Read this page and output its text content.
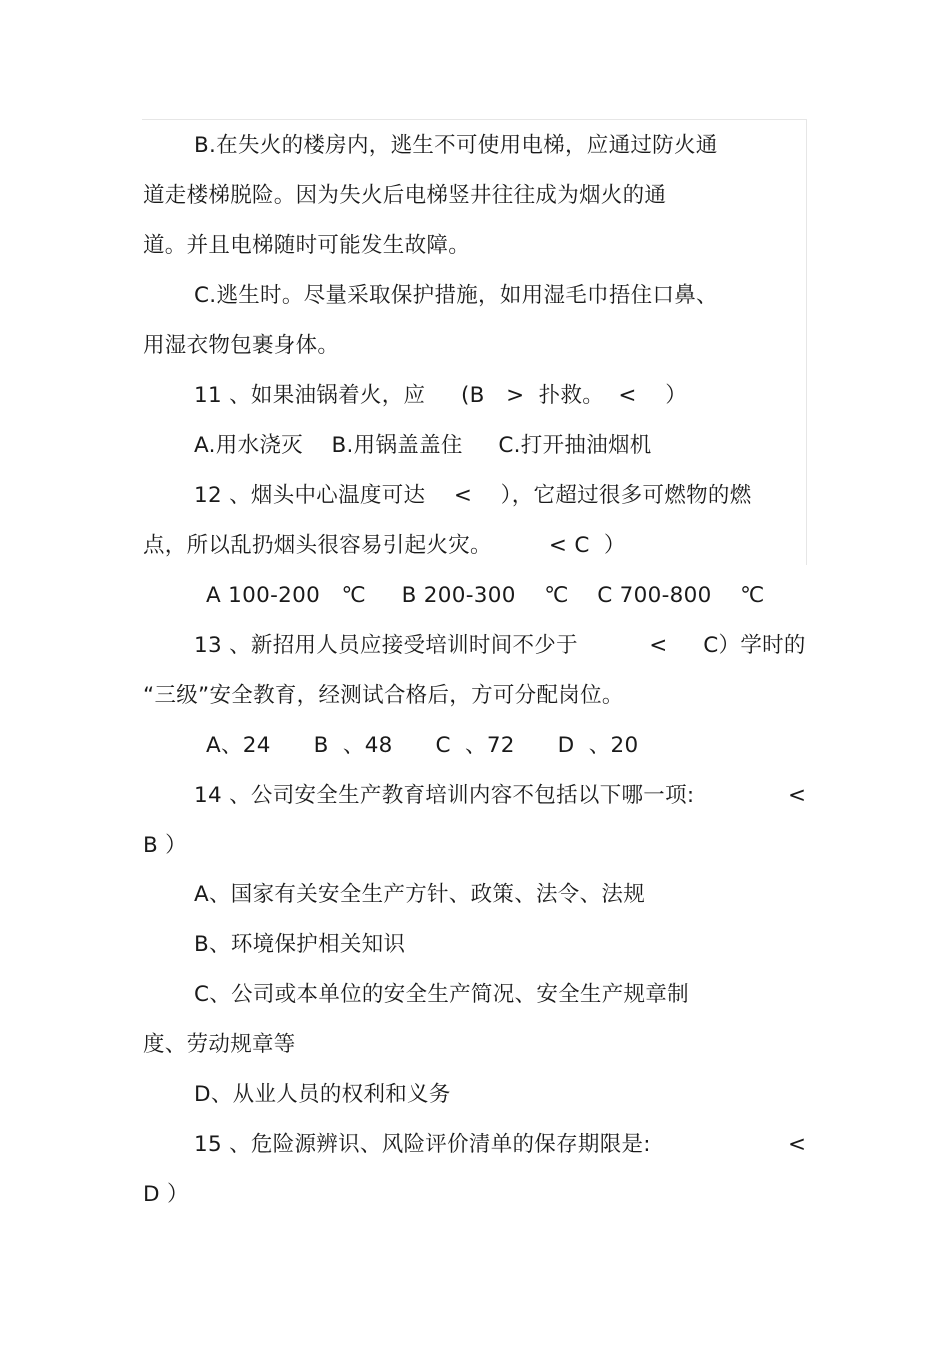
B.在失火的楼房内，逃生不可使用电梯，应通过防火通
道走楼梯脱险。因为失火后电梯竖井往往成为烟火的通
道。并且电梯随时可能发生故障。
C.逃生时。尽量采取保护措施，如用湿毛巾捂住口鼻、
用湿衣物包裹身体。
11 、如果油锅着火，应     (B   >  扑救。  <    ）
A.用水浇灭    B.用锅盖盖住     C.打开抽油烟机
12 、烟头中心温度可达    <    ），它超过很多可燃物的燃
点，所以乱扔烟头很容易引起火灾。        < C  ）
A 100-200   ℃     B 200-300    ℃    C 700-800    ℃
13 、新招用人员应接受培训时间不少于          <     C）学时的
“三级”安全教育，经测试合格后，方可分配岗位。
A、24      B  、48      C  、72      D  、20
14 、公司安全生产教育培训内容不包括以下哪一项:	<
B ）
A、国家有关安全生产方针、政策、法令、法规
B、环境保护相关知识
C、公司或本单位的安全生产简况、安全生产规章制
度、劳动规章等
D、从业人员的权利和义务
15 、危险源辨识、风险评价清单的保存期限是:	<
D ）
